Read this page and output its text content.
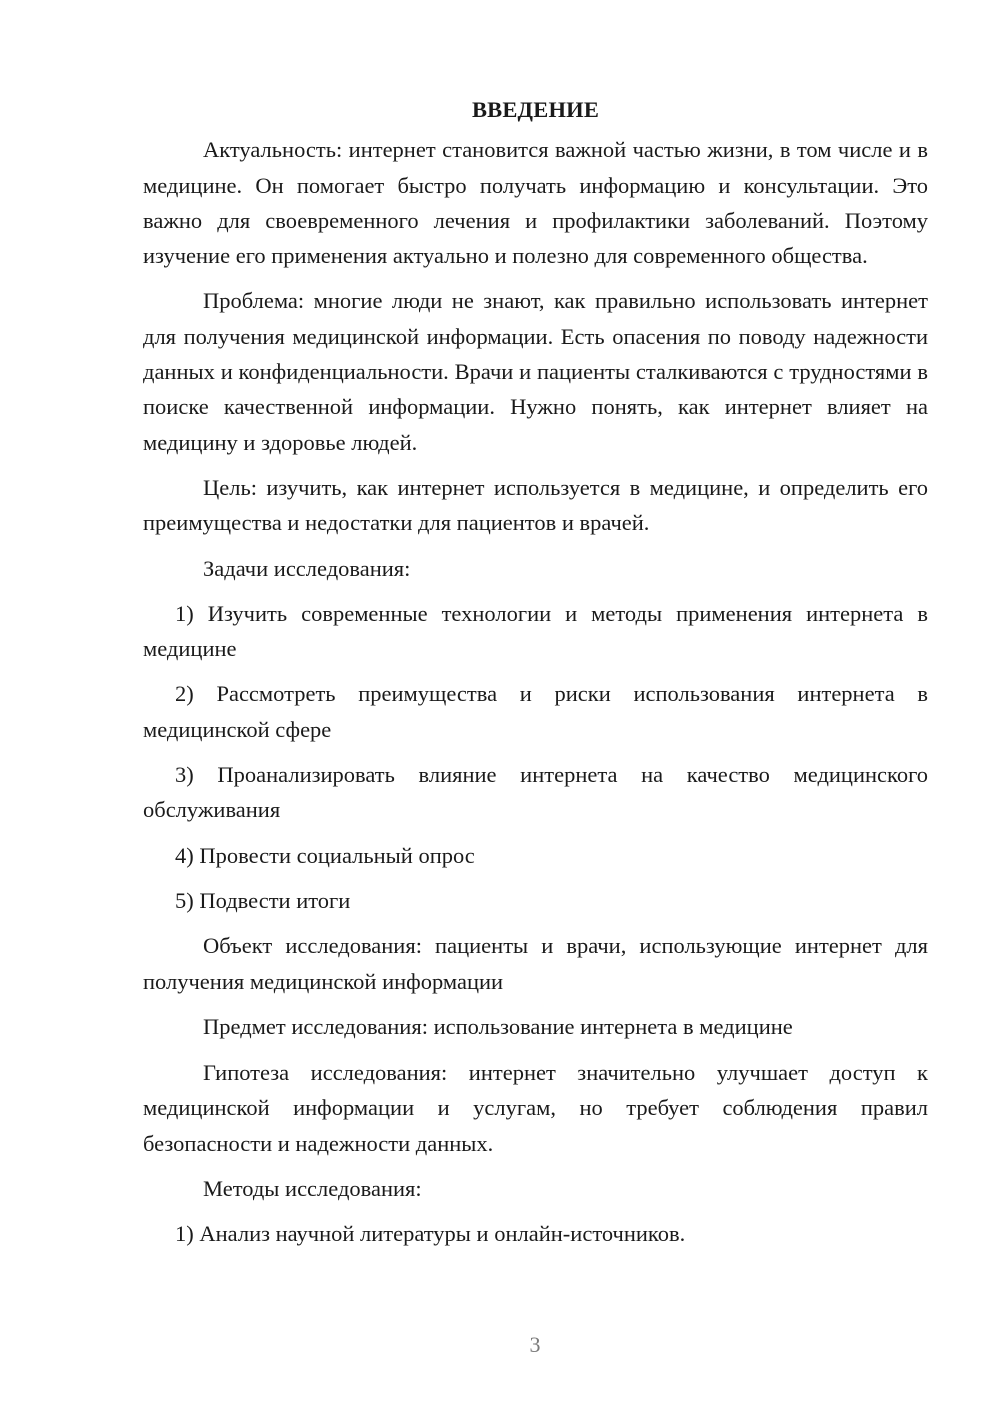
ВВЕДЕНИЕ

Актуальность: интернет становится важной частью жизни, в том числе и в медицине. Он помогает быстро получать информацию и консультации. Это важно для своевременного лечения и профилактики заболеваний. Поэтому изучение его применения актуально и полезно для современного общества.

Проблема: многие люди не знают, как правильно использовать интернет для получения медицинской информации. Есть опасения по поводу надежности данных и конфиденциальности. Врачи и пациенты сталкиваются с трудностями в поиске качественной информации. Нужно понять, как интернет влияет на медицину и здоровье людей.

Цель: изучить, как интернет используется в медицине, и определить его преимущества и недостатки для пациентов и врачей.

Задачи исследования:

1) Изучить современные технологии и методы применения интернета в медицине

2) Рассмотреть преимущества и риски использования интернета в медицинской сфере

3) Проанализировать влияние интернета на качество медицинского обслуживания

4) Провести социальный опрос

5) Подвести итоги

Объект исследования: пациенты и врачи, использующие интернет для получения медицинской информации

Предмет исследования: использование интернета в медицине

Гипотеза исследования: интернет значительно улучшает доступ к медицинской информации и услугам, но требует соблюдения правил безопасности и надежности данных.

Методы исследования:

1) Анализ научной литературы и онлайн-источников.

3
